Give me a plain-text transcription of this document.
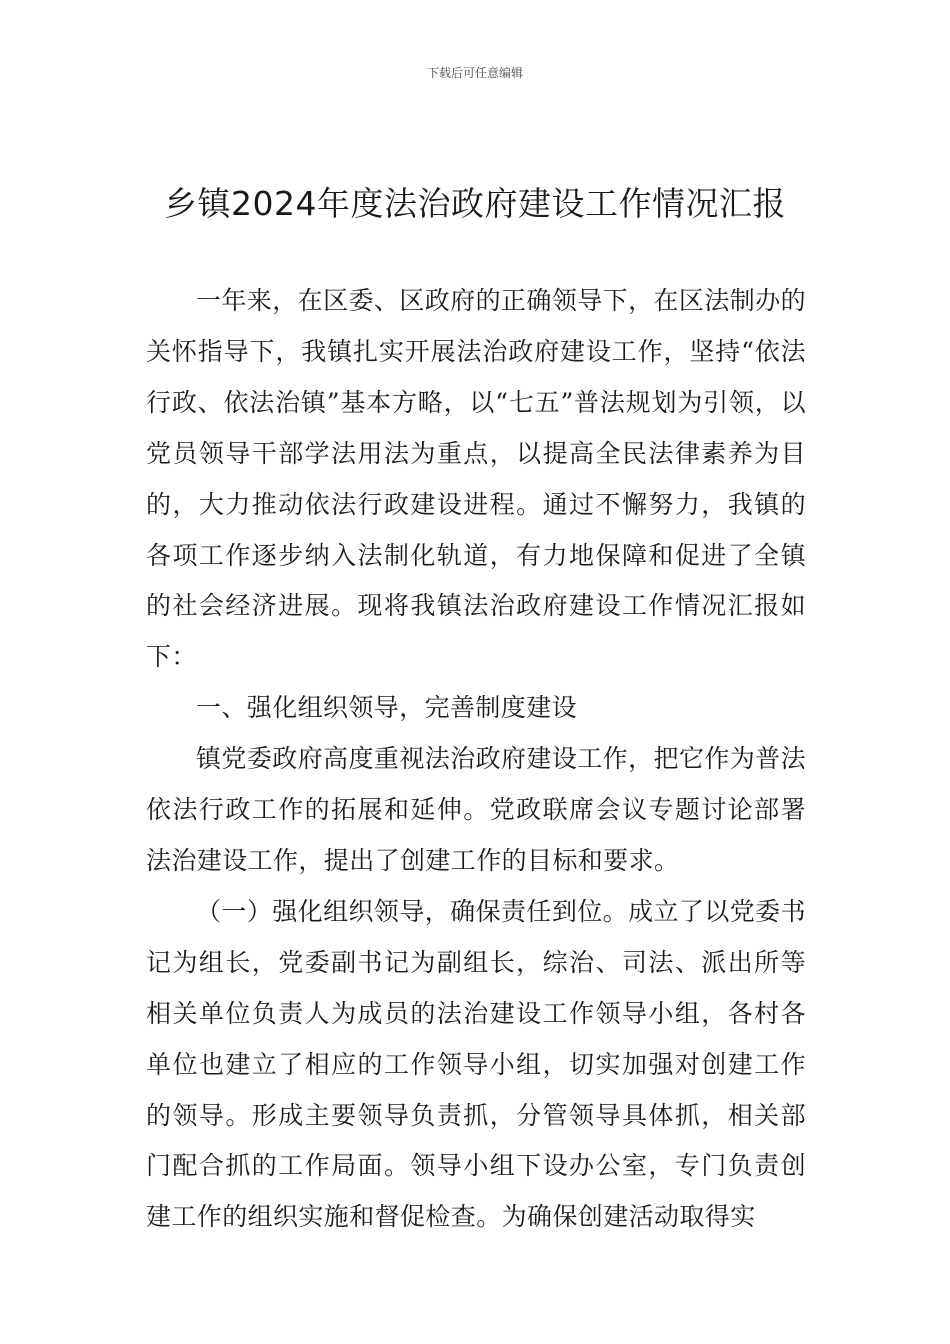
下载后可任意编辑
乡镇2024年度法治政府建设工作情况汇报

一年来，在区委、区政府的正确领导下，在区法制办的关怀指导下，我镇扎实开展法治政府建设工作，坚持“依法行政、依法治镇”基本方略，以“七五”普法规划为引领，以党员领导干部学法用法为重点，以提高全民法律素养为目的，大力推动依法行政建设进程。通过不懈努力，我镇的各项工作逐步纳入法制化轨道，有力地保障和促进了全镇的社会经济进展。现将我镇法治政府建设工作情况汇报如下：

一、强化组织领导，完善制度建设

镇党委政府高度重视法治政府建设工作，把它作为普法依法行政工作的拓展和延伸。党政联席会议专题讨论部署法治建设工作，提出了创建工作的目标和要求。

（一）强化组织领导，确保责任到位。成立了以党委书记为组长，党委副书记为副组长，综治、司法、派出所等相关单位负责人为成员的法治建设工作领导小组，各村各单位也建立了相应的工作领导小组，切实加强对创建工作的领导。形成主要领导负责抓，分管领导具体抓，相关部门配合抓的工作局面。领导小组下设办公室，专门负责创建工作的组织实施和督促检查。为确保创建活动取得实
